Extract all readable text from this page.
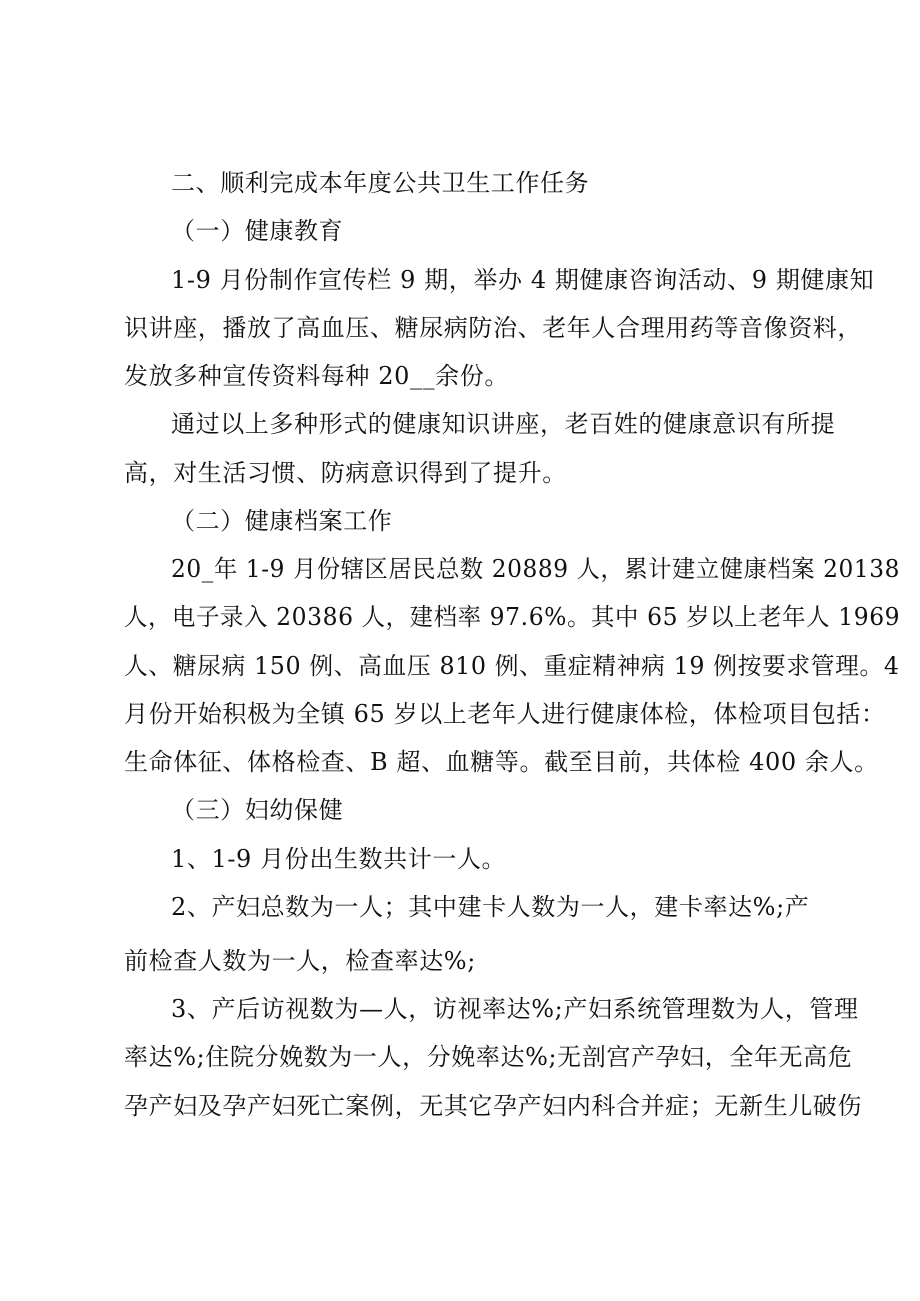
二、顺利完成本年度公共卫生工作任务
（一）健康教育
1-9 月份制作宣传栏 9 期，举办 4 期健康咨询活动、9 期健康知
识讲座，播放了高血压、糖尿病防治、老年人合理用药等音像资料，
发放多种宣传资料每种 20__余份。
通过以上多种形式的健康知识讲座，老百姓的健康意识有所提
高，对生活习惯、防病意识得到了提升。
（二）健康档案工作
20_年 1-9 月份辖区居民总数 20889 人，累计建立健康档案 20138
人，电子录入 20386 人，建档率 97.6%。其中 65 岁以上老年人 1969
人、糖尿病 150 例、高血压 810 例、重症精神病 19 例按要求管理。4
月份开始积极为全镇 65 岁以上老年人进行健康体检，体检项目包括：
生命体征、体格检查、B 超、血糖等。截至目前，共体检 400 余人。
（三）妇幼保健
1、1-9 月份出生数共计一人。
2、产妇总数为一人；其中建卡人数为一人，建卡率达%;产
前检查人数为一人，检查率达%;
3、产后访视数为—人，访视率达%;产妇系统管理数为人，管理
率达%;住院分娩数为一人，分娩率达%;无剖宫产孕妇，全年无高危
孕产妇及孕产妇死亡案例，无其它孕产妇内科合并症；无新生儿破伤
